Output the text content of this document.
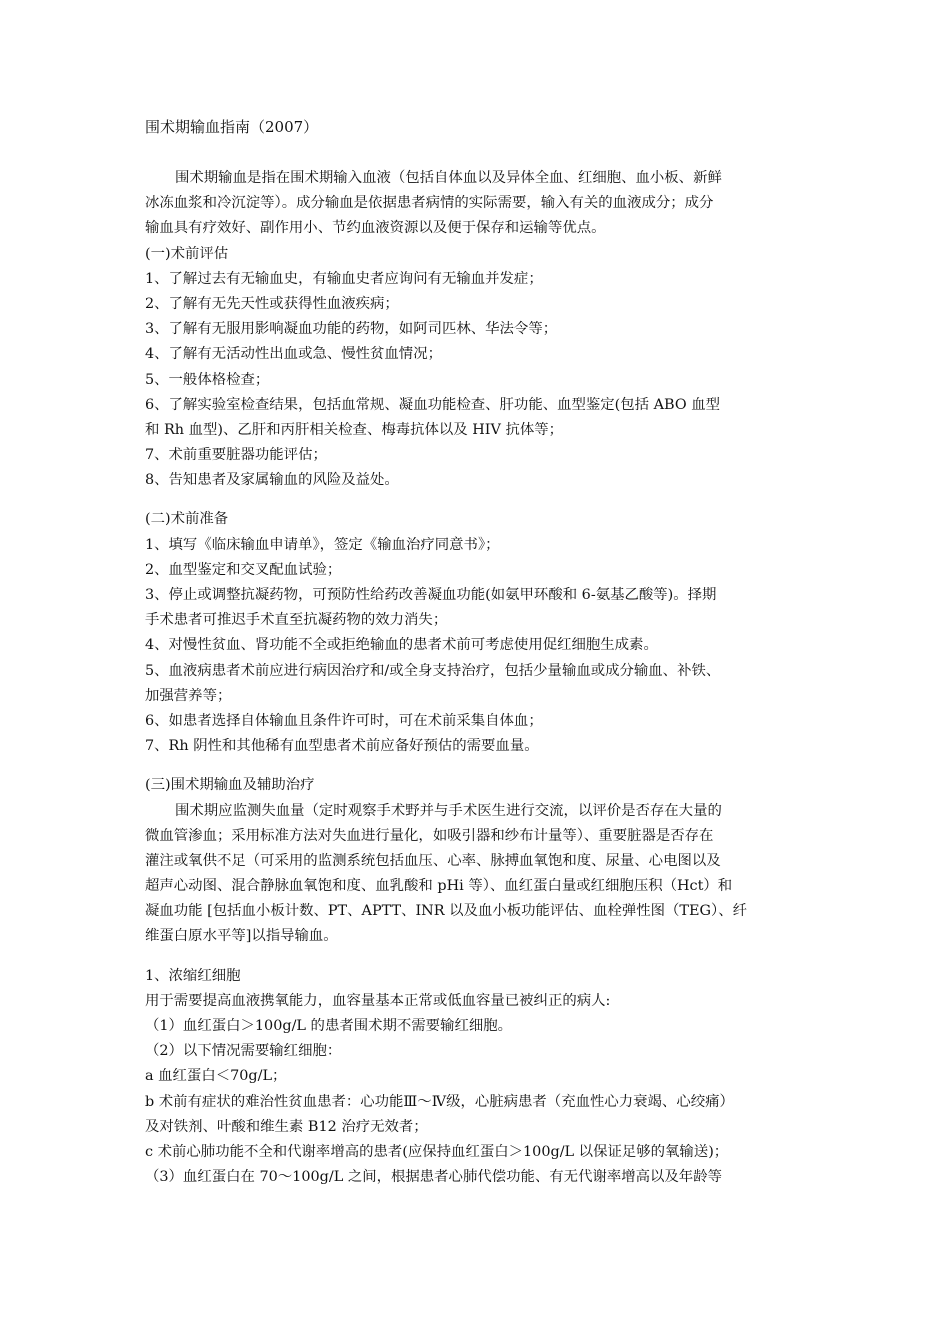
围术期输血指南（2007）
围术期输血是指在围术期输入血液（包括自体血以及异体全血、红细胞、血小板、新鲜
冰冻血浆和冷沉淀等）。成分输血是依据患者病情的实际需要，输入有关的血液成分；成分
输血具有疗效好、副作用小、节约血液资源以及便于保存和运输等优点。
(一)术前评估
1、了解过去有无输血史，有输血史者应询问有无输血并发症；
2、了解有无先天性或获得性血液疾病；
3、了解有无服用影响凝血功能的药物，如阿司匹林、华法令等；
4、了解有无活动性出血或急、慢性贫血情况；
5、一般体格检查；
6、了解实验室检查结果，包括血常规、凝血功能检查、肝功能、血型鉴定(包括 ABO 血型
和 Rh 血型)、乙肝和丙肝相关检查、梅毒抗体以及 HIV 抗体等；
7、术前重要脏器功能评估；
8、告知患者及家属输血的风险及益处。
(二)术前准备
1、填写《临床输血申请单》，签定《输血治疗同意书》；
2、血型鉴定和交叉配血试验；
3、停止或调整抗凝药物，可预防性给药改善凝血功能(如氨甲环酸和 6-氨基乙酸等)。择期
手术患者可推迟手术直至抗凝药物的效力消失；
4、对慢性贫血、肾功能不全或拒绝输血的患者术前可考虑使用促红细胞生成素。
5、血液病患者术前应进行病因治疗和/或全身支持治疗，包括少量输血或成分输血、补铁、
加强营养等；
6、如患者选择自体输血且条件许可时，可在术前采集自体血；
7、Rh 阴性和其他稀有血型患者术前应备好预估的需要血量。
(三)围术期输血及辅助治疗
围术期应监测失血量（定时观察手术野并与手术医生进行交流，以评价是否存在大量的
微血管渗血；采用标准方法对失血进行量化，如吸引器和纱布计量等）、重要脏器是否存在
灌注或氧供不足（可采用的监测系统包括血压、心率、脉搏血氧饱和度、尿量、心电图以及
超声心动图、混合静脉血氧饱和度、血乳酸和 pHi 等）、血红蛋白量或红细胞压积（Hct）和
凝血功能 [包括血小板计数、PT、APTT、INR 以及血小板功能评估、血栓弹性图（TEG）、纤
维蛋白原水平等]以指导输血。
1、浓缩红细胞
用于需要提高血液携氧能力，血容量基本正常或低血容量已被纠正的病人:
（1）血红蛋白＞100g/L 的患者围术期不需要输红细胞。
（2）以下情况需要输红细胞：
a 血红蛋白＜70g/L；
b 术前有症状的难治性贫血患者：心功能Ⅲ～Ⅳ级，心脏病患者（充血性心力衰竭、心绞痛）
及对铁剂、叶酸和维生素 B12 治疗无效者；
c 术前心肺功能不全和代谢率增高的患者(应保持血红蛋白＞100g/L 以保证足够的氧输送)；
（3）血红蛋白在 70～100g/L 之间，根据患者心肺代偿功能、有无代谢率增高以及年龄等
